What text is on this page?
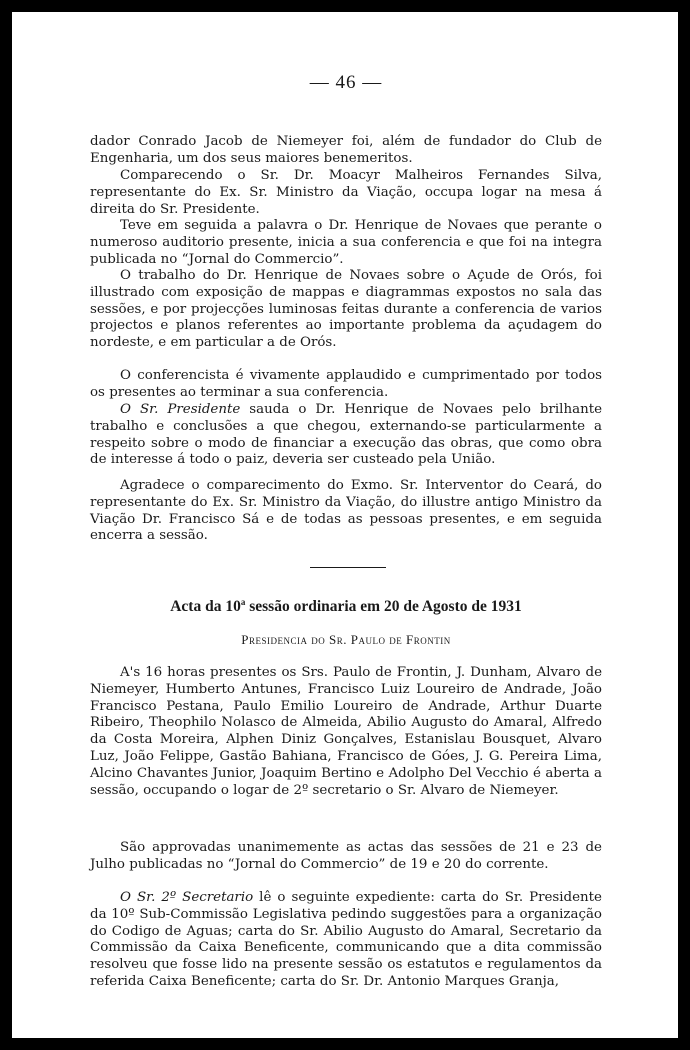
— 46 —

dador Conrado Jacob de Niemeyer foi, além de fundador do Club de Engenharia, um dos seus maiores benemeritos.

Comparecendo o Sr. Dr. Moacyr Malheiros Fernandes Silva, representante do Ex. Sr. Ministro da Viação, occupa logar na mesa á direita do Sr. Presidente.

Teve em seguida a palavra o Dr. Henrique de Novaes que perante o numeroso auditorio presente, inicia a sua conferencia e que foi na integra publicada no “Jornal do Commercio”.

O trabalho do Dr. Henrique de Novaes sobre o Açude de Orós, foi illustrado com exposição de mappas e diagrammas expostos no sala das sessões, e por projecções luminosas feitas durante a conferencia de varios projectos e planos referentes ao importante problema da açudagem do nordeste, e em particular a de Orós.

O conferencista é vivamente applaudido e cumprimentado por todos os presentes ao terminar a sua conferencia.

O Sr. Presidente sauda o Dr. Henrique de Novaes pelo brilhante trabalho e conclusões a que chegou, externando-se particularmente a respeito sobre o modo de financiar a execução das obras, que como obra de interesse á todo o paiz, deveria ser custeado pela União.

Agradece o comparecimento do Exmo. Sr. Interventor do Ceará, do representante do Ex. Sr. Ministro da Viação, do illustre antigo Ministro da Viação Dr. Francisco Sá e de todas as pessoas presentes, e em seguida encerra a sessão.

Acta da 10$^a$ sessão ordinaria em 20 de Agosto de 1931

Presidencia do Sr. Paulo de Frontin

A's 16 horas presentes os Srs. Paulo de Frontin, J. Dunham, Alvaro de Niemeyer, Humberto Antunes, Francisco Luiz Loureiro de Andrade, João Francisco Pestana, Paulo Emilio Loureiro de Andrade, Arthur Duarte Ribeiro, Theophilo Nolasco de Almeida, Abilio Augusto do Amaral, Alfredo da Costa Moreira, Alphen Diniz Gonçalves, Estanislau Bousquet, Alvaro Luz, João Felippe, Gastão Bahiana, Francisco de Góes, J. G. Pereira Lima, Alcino Chavantes Junior, Joaquim Bertino e Adolpho Del Vecchio é aberta a sessão, occupando o logar de 2º secretario o Sr. Alvaro de Niemeyer.

São approvadas unanimemente as actas das sessões de 21 e 23 de Julho publicadas no “Jornal do Commercio” de 19 e 20 do corrente.

O Sr. 2º Secretario lê o seguinte expediente: carta do Sr. Presidente da 10º Sub-Commissão Legislativa pedindo suggestões para a organização do Codigo de Aguas; carta do Sr. Abilio Augusto do Amaral, Secretario da Commissão da Caixa Beneficente, communicando que a dita commissão resolveu que fosse lido na presente sessão os estatutos e regulamentos da referida Caixa Beneficente; carta do Sr. Dr. Antonio Marques Granja,
